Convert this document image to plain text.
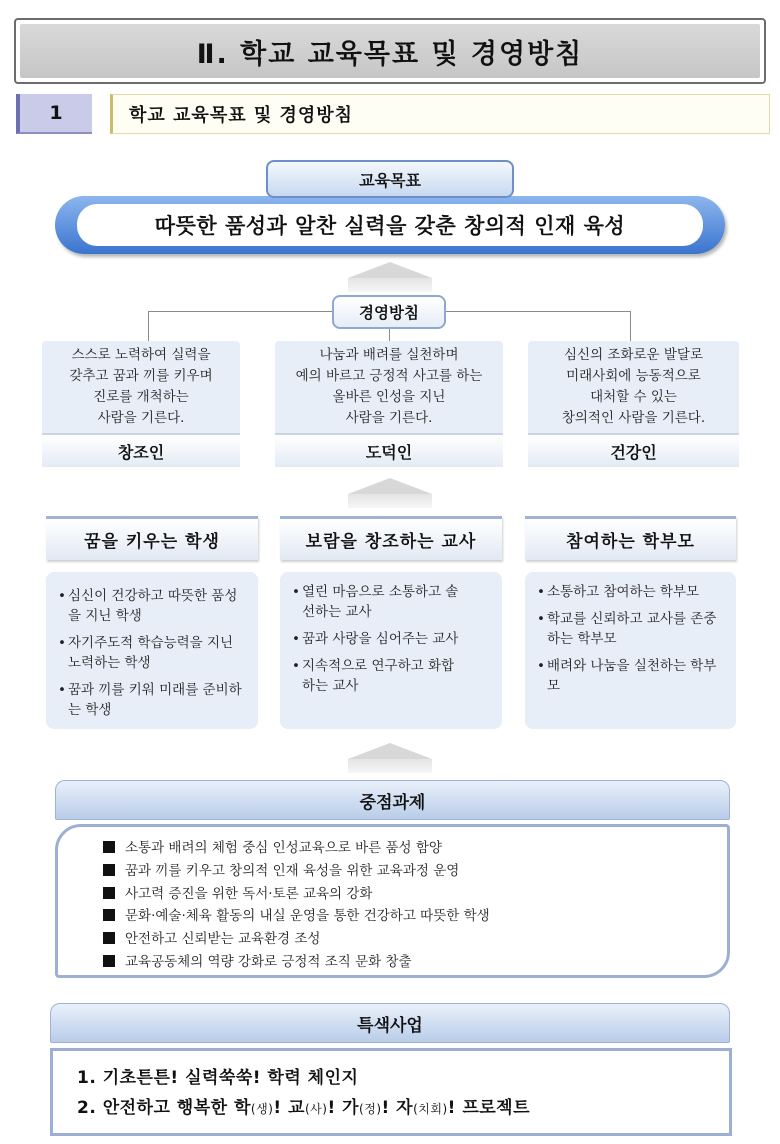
Ⅱ. 학교 교육목표 및 경영방침
1	학교 교육목표 및 경영방침
따뜻한 품성과 알찬 실력을 갖춘 창의적 인재 육성
교육목표
경영방침
스스로 노력하여 실력을
갖추고 꿈과 끼를 키우며
진로를 개척하는
사람을 기른다.
창조인
나눔과 배려를 실천하며
예의 바르고 긍정적 사고를 하는
올바른 인성을 지닌
사람을 기른다.
도덕인
심신의 조화로운 발달로
미래사회에 능동적으로
대처할 수 있는
창의적인 사람을 기른다.
건강인
꿈을 키우는 학생	보람을 창조하는 교사	참여하는 학부모
• 심신이 건강하고 따뜻한 품성을 지닌 학생
• 자기주도적 학습능력을 지닌 노력하는 학생
• 꿈과 끼를 키워 미래를 준비하는 학생
• 열린 마음으로 소통하고 솔선하는 교사
• 꿈과 사랑을 심어주는 교사
• 지속적으로 연구하고 화합하는 교사
• 소통하고 참여하는 학부모
• 학교를 신뢰하고 교사를 존중하는 학부모
• 배려와 나눔을 실천하는 학부모
중점과제
소통과 배려의 체험 중심 인성교육으로 바른 품성 함양
꿈과 끼를 키우고 창의적 인재 육성을 위한 교육과정 운영
사고력 증진을 위한 독서·토론 교육의 강화
문화·예술·체육 활동의 내실 운영을 통한 건강하고 따뜻한 학생
안전하고 신뢰받는 교육환경 조성
교육공동체의 역량 강화로 긍정적 조직 문화 창출
특색사업
1. 기초튼튼! 실력쑥쑥! 학력 체인지
2. 안전하고 행복한 학(생)! 교(사)! 가(정)! 자(치회)! 프로젝트
